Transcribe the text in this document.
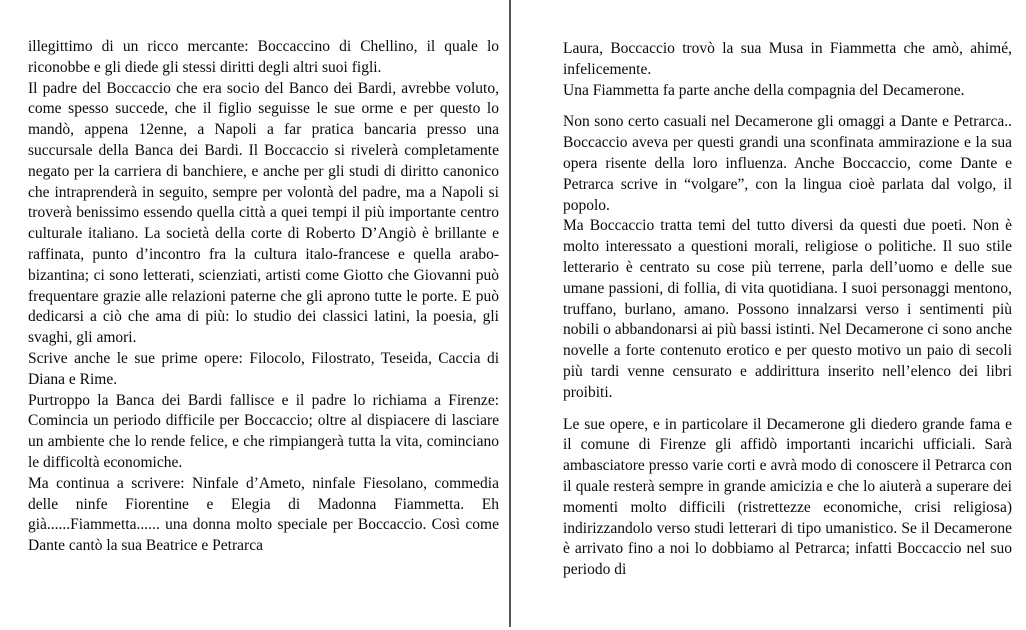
illegittimo di un ricco mercante: Boccaccino di Chellino, il quale lo riconobbe e gli diede gli stessi diritti degli altri suoi figli.

Il padre del Boccaccio che era socio del Banco dei Bardi, avrebbe voluto, come spesso succede, che il figlio seguisse le sue orme e per questo lo mandò, appena 12enne, a Napoli a far pratica bancaria presso una succursale della Banca dei Bardi. Il Boccaccio si rivelerà completamente negato per la carriera di banchiere, e anche per gli studi di diritto canonico che intraprenderà in seguito, sempre per volontà del padre, ma a Napoli si troverà benissimo essendo quella città a quei tempi il più importante centro culturale italiano. La società della corte di Roberto D’Angiò è brillante e raffinata, punto d’incontro fra la cultura italo-francese e quella arabo-bizantina; ci sono letterati, scienziati, artisti come Giotto che Giovanni può frequentare grazie alle relazioni paterne che gli aprono tutte le porte. E può dedicarsi a ciò che ama di più: lo studio dei classici latini, la poesia, gli svaghi, gli amori.

Scrive anche le sue prime opere: Filocolo, Filostrato, Teseida, Caccia di Diana e Rime.

Purtroppo la Banca dei Bardi fallisce e il padre lo richiama a Firenze: Comincia un periodo difficile per Boccaccio; oltre al dispiacere di lasciare un ambiente che lo rende felice, e che rimpiangerà tutta la vita, cominciano le difficoltà economiche.

Ma continua a scrivere: Ninfale d’Ameto, ninfale Fiesolano, commedia delle ninfe Fiorentine e Elegia di Madonna Fiammetta. Eh già......Fiammetta...... una donna molto speciale per Boccaccio. Così come Dante cantò la sua Beatrice e Petrarca

Laura, Boccaccio trovò la sua Musa in Fiammetta che amò, ahimé, infelicemente.

Una Fiammetta fa parte anche della compagnia del Decamerone.

Non sono certo casuali nel Decamerone gli omaggi a Dante e Petrarca.. Boccaccio aveva per questi grandi una sconfinata ammirazione e la sua opera risente della loro influenza. Anche Boccaccio, come Dante e Petrarca scrive in “volgare”, con la lingua cioè parlata dal volgo, il popolo.

Ma Boccaccio tratta temi del tutto diversi da questi due poeti. Non è molto interessato a questioni morali, religiose o politiche. Il suo stile letterario è centrato su cose più terrene, parla dell’uomo e delle sue umane passioni, di follia, di vita quotidiana. I suoi personaggi mentono, truffano, burlano, amano. Possono innalzarsi verso i sentimenti più nobili o abbandonarsi ai più bassi istinti. Nel Decamerone ci sono anche novelle a forte contenuto erotico e per questo motivo un paio di secoli più tardi venne censurato e addirittura inserito nell’elenco dei libri proibiti.

Le sue opere, e in particolare il Decamerone gli diedero grande fama e il comune di Firenze gli affidò importanti incarichi ufficiali. Sarà ambasciatore presso varie corti e avrà modo di conoscere il Petrarca con il quale resterà sempre in grande amicizia e che lo aiuterà a superare dei momenti molto difficili (ristrettezze economiche, crisi religiosa) indirizzandolo verso studi letterari di tipo umanistico. Se il Decamerone è arrivato fino a noi lo dobbiamo al Petrarca; infatti Boccaccio nel suo periodo di
